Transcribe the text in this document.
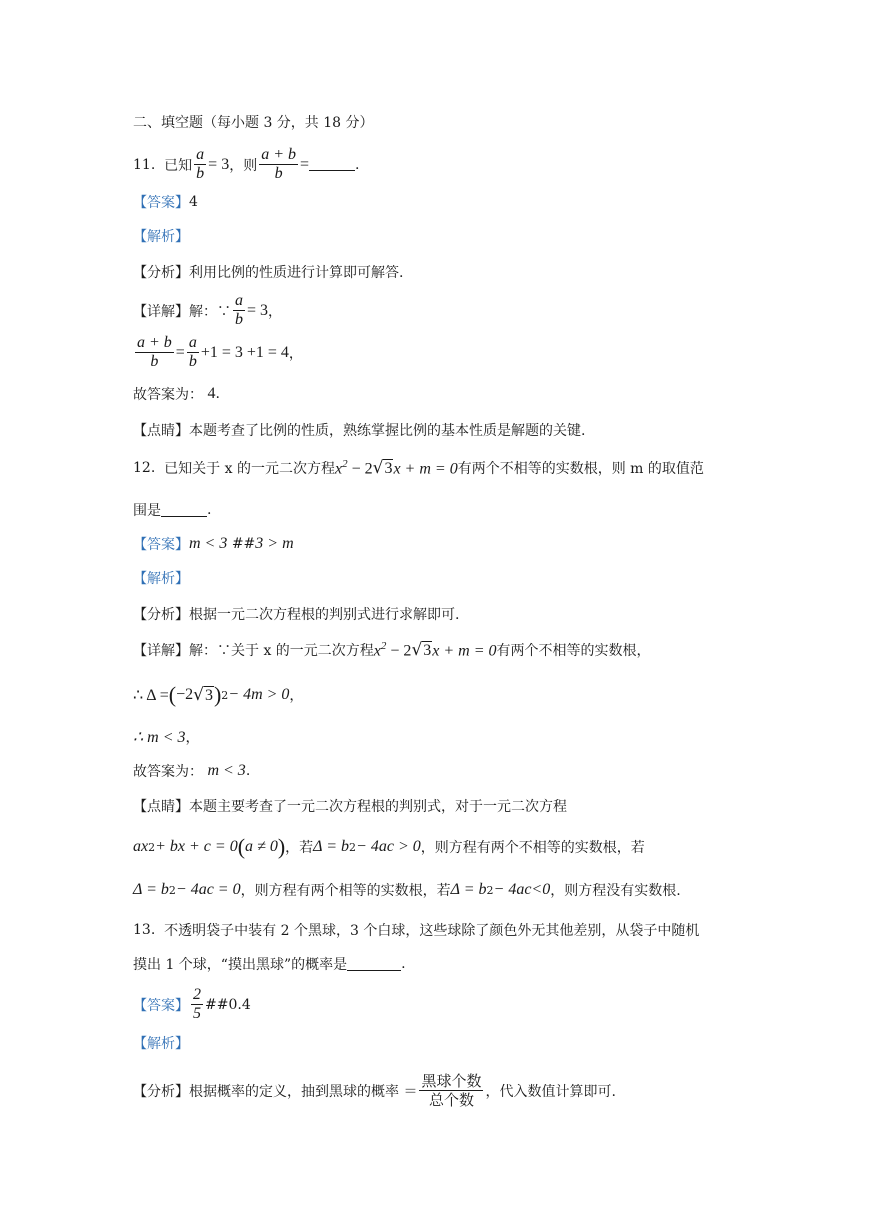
二、填空题（每小题 3 分，共 18 分）
11.
已知 $\frac{a}{b} = 3$ ，则 $\frac{a + b}{b}$ =	.
【答案】 4
【解析】
【分析】 利用比例的性质进行计算即可解答.
【详解】 解：∵ $\frac{a}{b} = 3$ ，
$\frac{a + b}{b} = \frac{a}{b} +1 = 3 +1 = 4$ ，
故答案为：
4 .
【点睛】 本题考查了比例的性质，熟练掌握比例的基本性质是解题的关键.
12.
已知关于 x 的一元二次方程 $x^2 - 2$ √ 3 x + m = 0 有两个不相等的实数根，则 m 的取值范
围是	.
【答案】 m < 3
## 3 > m
【解析】
【分析】 根据一元二次方程根的判别式进行求解即可.
【详解】 解：∵关于 x 的一元二次方程 $x^2 - 2$ √ 3 x + m = 0 有两个不相等的实数根，
∴ Δ = ( −2 √ 3 ) 2 − 4m > 0 ，
∴ m < 3 ，
故答案为：
m < 3 .
【点睛】 本题主要考查了一元二次方程根的判别式，对于一元二次方程
ax 2 + bx + c = 0 ( a ≠ 0 ) ，若 Δ = b 2 − 4ac > 0 ，则方程有两个不相等的实数根，若
Δ = b 2 − 4ac = 0 ，则方程有两个相等的实数根，若 Δ = b 2 − 4ac<0 ，则方程没有实数根.
13.
不透明袋子中装有 2 个黑球，3 个白球，这些球除了颜色外无其他差别，从袋子中随机
摸出 1 个球，“摸出黑球”的概率是	.
【答案】 $\frac{2}{5}$ ##0.4
【解析】
【分析】 根据概率的定义，抽到黑球的概率 ＝ $\frac{\text{黑球个数}}{\text{总个数}}$ ，代入数值计算即可.
